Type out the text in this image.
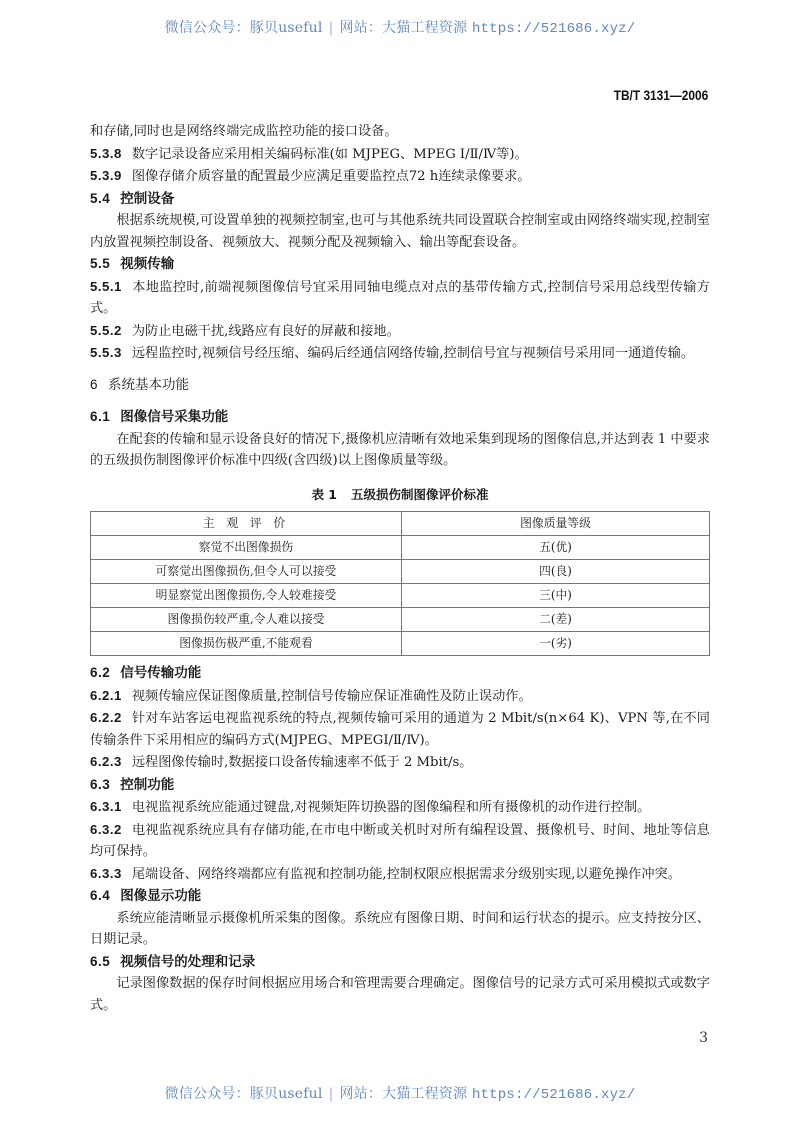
微信公众号：豚贝useful | 网站：大猫工程资源 https://521686.xyz/
TB/T 3131—2006
和存储,同时也是网络终端完成监控功能的接口设备。
5.3.8 数字记录设备应采用相关编码标准(如 MJPEG、MPEG Ⅰ/Ⅱ/Ⅳ等)。
5.3.9 图像存储介质容量的配置最少应满足重要监控点72 h连续录像要求。
5.4 控制设备
根据系统规模,可设置单独的视频控制室,也可与其他系统共同设置联合控制室或由网络终端实现,控制室内放置视频控制设备、视频放大、视频分配及视频输入、输出等配套设备。
5.5 视频传输
5.5.1 本地监控时,前端视频图像信号宜采用同轴电缆点对点的基带传输方式,控制信号采用总线型传输方式。
5.5.2 为防止电磁干扰,线路应有良好的屏蔽和接地。
5.5.3 远程监控时,视频信号经压缩、编码后经通信网络传输,控制信号宜与视频信号采用同一通道传输。
6 系统基本功能
6.1 图像信号采集功能
在配套的传输和显示设备良好的情况下,摄像机应清晰有效地采集到现场的图像信息,并达到表 1 中要求的五级损伤制图像评价标准中四级(含四级)以上图像质量等级。
表 1 五级损伤制图像评价标准
主 观 评 价	图像质量等级
察觉不出图像损伤	五(优)
可察觉出图像损伤,但令人可以接受	四(良)
明显察觉出图像损伤,令人较难接受	三(中)
图像损伤较严重,令人难以接受	二(差)
图像损伤极严重,不能观看	一(劣)
6.2 信号传输功能
6.2.1 视频传输应保证图像质量,控制信号传输应保证准确性及防止误动作。
6.2.2 针对车站客运电视监视系统的特点,视频传输可采用的通道为 2 Mbit/s(n×64 K)、VPN 等,在不同传输条件下采用相应的编码方式(MJPEG、MPEGⅠ/Ⅱ/Ⅳ)。
6.2.3 远程图像传输时,数据接口设备传输速率不低于 2 Mbit/s。
6.3 控制功能
6.3.1 电视监视系统应能通过键盘,对视频矩阵切换器的图像编程和所有摄像机的动作进行控制。
6.3.2 电视监视系统应具有存储功能,在市电中断或关机时对所有编程设置、摄像机号、时间、地址等信息均可保持。
6.3.3 尾端设备、网络终端都应有监视和控制功能,控制权限应根据需求分级别实现,以避免操作冲突。
6.4 图像显示功能
系统应能清晰显示摄像机所采集的图像。系统应有图像日期、时间和运行状态的提示。应支持按分区、日期记录。
6.5 视频信号的处理和记录
记录图像数据的保存时间根据应用场合和管理需要合理确定。图像信号的记录方式可采用模拟式或数字式。
3
微信公众号：豚贝useful | 网站：大猫工程资源 https://521686.xyz/
